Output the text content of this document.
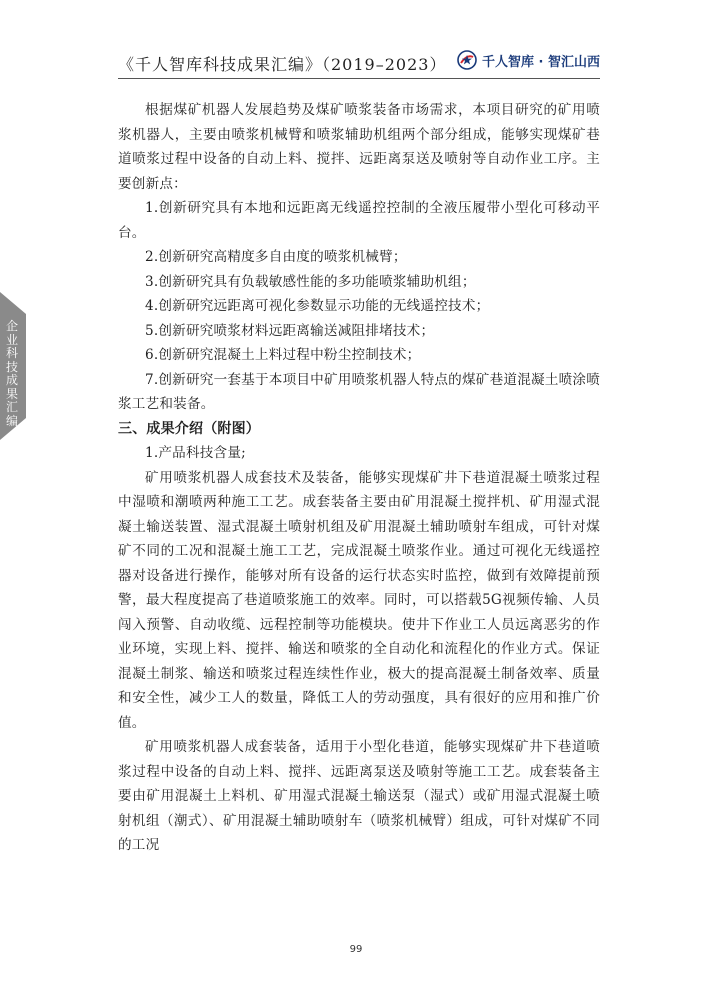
《千人智库科技成果汇编》（2019–2023）	千人智库 · 智汇山西
企业科技成果汇编

根据煤矿机器人发展趋势及煤矿喷浆装备市场需求，本项目研究的矿用喷浆机器人，主要由喷浆机械臂和喷浆辅助机组两个部分组成，能够实现煤矿巷道喷浆过程中设备的自动上料、搅拌、远距离泵送及喷射等自动作业工序。主要创新点：

1.创新研究具有本地和远距离无线遥控控制的全液压履带小型化可移动平台。

2.创新研究高精度多自由度的喷浆机械臂；

3.创新研究具有负载敏感性能的多功能喷浆辅助机组；

4.创新研究远距离可视化参数显示功能的无线遥控技术；

5.创新研究喷浆材料远距离输送减阻排堵技术；

6.创新研究混凝土上料过程中粉尘控制技术；

7.创新研究一套基于本项目中矿用喷浆机器人特点的煤矿巷道混凝土喷涂喷浆工艺和装备。

三、成果介绍（附图）

1.产品科技含量;

矿用喷浆机器人成套技术及装备，能够实现煤矿井下巷道混凝土喷浆过程中湿喷和潮喷两种施工工艺。成套装备主要由矿用混凝土搅拌机、矿用湿式混凝土输送装置、湿式混凝土喷射机组及矿用混凝土辅助喷射车组成，可针对煤矿不同的工况和混凝土施工工艺，完成混凝土喷浆作业。通过可视化无线遥控器对设备进行操作，能够对所有设备的运行状态实时监控，做到有效障提前预警，最大程度提高了巷道喷浆施工的效率。同时，可以搭载5G视频传输、人员闯入预警、自动收缆、远程控制等功能模块。使井下作业工人员远离恶劣的作业环境，实现上料、搅拌、输送和喷浆的全自动化和流程化的作业方式。保证混凝土制浆、输送和喷浆过程连续性作业，极大的提高混凝土制备效率、质量和安全性，减少工人的数量，降低工人的劳动强度，具有很好的应用和推广价值。

矿用喷浆机器人成套装备，适用于小型化巷道，能够实现煤矿井下巷道喷浆过程中设备的自动上料、搅拌、远距离泵送及喷射等施工工艺。成套装备主要由矿用混凝土上料机、矿用湿式混凝土输送泵（湿式）或矿用湿式混凝土喷射机组（潮式）、矿用混凝土辅助喷射车（喷浆机械臂）组成，可针对煤矿不同的工况

99
